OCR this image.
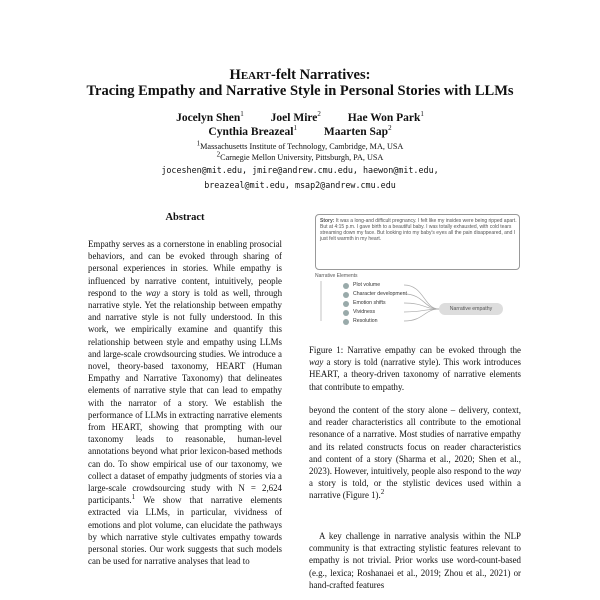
HEART-felt Narratives:
Tracing Empathy and Narrative Style in Personal Stories with LLMs
Jocelyn Shen$^1$ Joel Mire$^2$ Hae Won Park$^1$
Cynthia Breazeal$^1$ Maarten Sap$^2$
$^1$Massachusetts Institute of Technology, Cambridge, MA, USA
$^2$Carnegie Mellon University, Pittsburgh, PA, USA
joceshen@mit.edu, jmire@andrew.cmu.edu, haewon@mit.edu,
breazeal@mit.edu, msap2@andrew.cmu.edu
Abstract

Empathy serves as a cornerstone in enabling prosocial behaviors, and can be evoked through sharing of personal experiences in stories. While empathy is influenced by narrative content, intuitively, people respond to the way a story is told as well, through narrative style. Yet the relationship between empathy and narrative style is not fully understood. In this work, we empirically examine and quantify this relationship between style and empathy using LLMs and large-scale crowdsourcing studies. We introduce a novel, theory-based taxonomy, HEART (Human Empathy and Narrative Taxonomy) that delineates elements of narrative style that can lead to empathy with the narrator of a story. We establish the performance of LLMs in extracting narrative elements from HEART, showing that prompting with our taxonomy leads to reasonable, human-level annotations beyond what prior lexicon-based methods can do. To show empirical use of our taxonomy, we collect a dataset of empathy judgments of stories via a large-scale crowdsourcing study with N = 2,624 participants.$^1$ We show that narrative elements extracted via LLMs, in particular, vividness of emotions and plot volume, can elucidate the pathways by which narrative style cultivates empathy towards personal stories. Our work suggests that such models can be used for narrative analyses that lead to

Story: It was a long-and difficult pregnancy. I felt like my insides were being ripped apart. But at 4:15 p.m. I gave birth to a beautiful baby. I was totally exhausted, with cold tears streaming down my face. But looking into my baby's eyes all the pain disappeared, and I just felt warmth in my heart.
Narrative Elements
Plot volume
Character development
Emotion shifts
Vividness
Resolution
Narrative empathy
Figure 1: Narrative empathy can be evoked through the way a story is told (narrative style). This work introduces HEART, a theory-driven taxonomy of narrative elements that contribute to empathy.

beyond the content of the story alone – delivery, context, and reader characteristics all contribute to the emotional resonance of a narrative. Most studies of narrative empathy and its related constructs focus on reader characteristics and content of a story (Sharma et al., 2020; Shen et al., 2023). However, intuitively, people also respond to the way a story is told, or the stylistic devices used within a narrative (Figure 1).$^2$

A key challenge in narrative analysis within the NLP community is that extracting stylistic features relevant to empathy is not trivial. Prior works use word-count-based (e.g., lexica; Roshanaei et al., 2019; Zhou et al., 2021) or hand-crafted features
